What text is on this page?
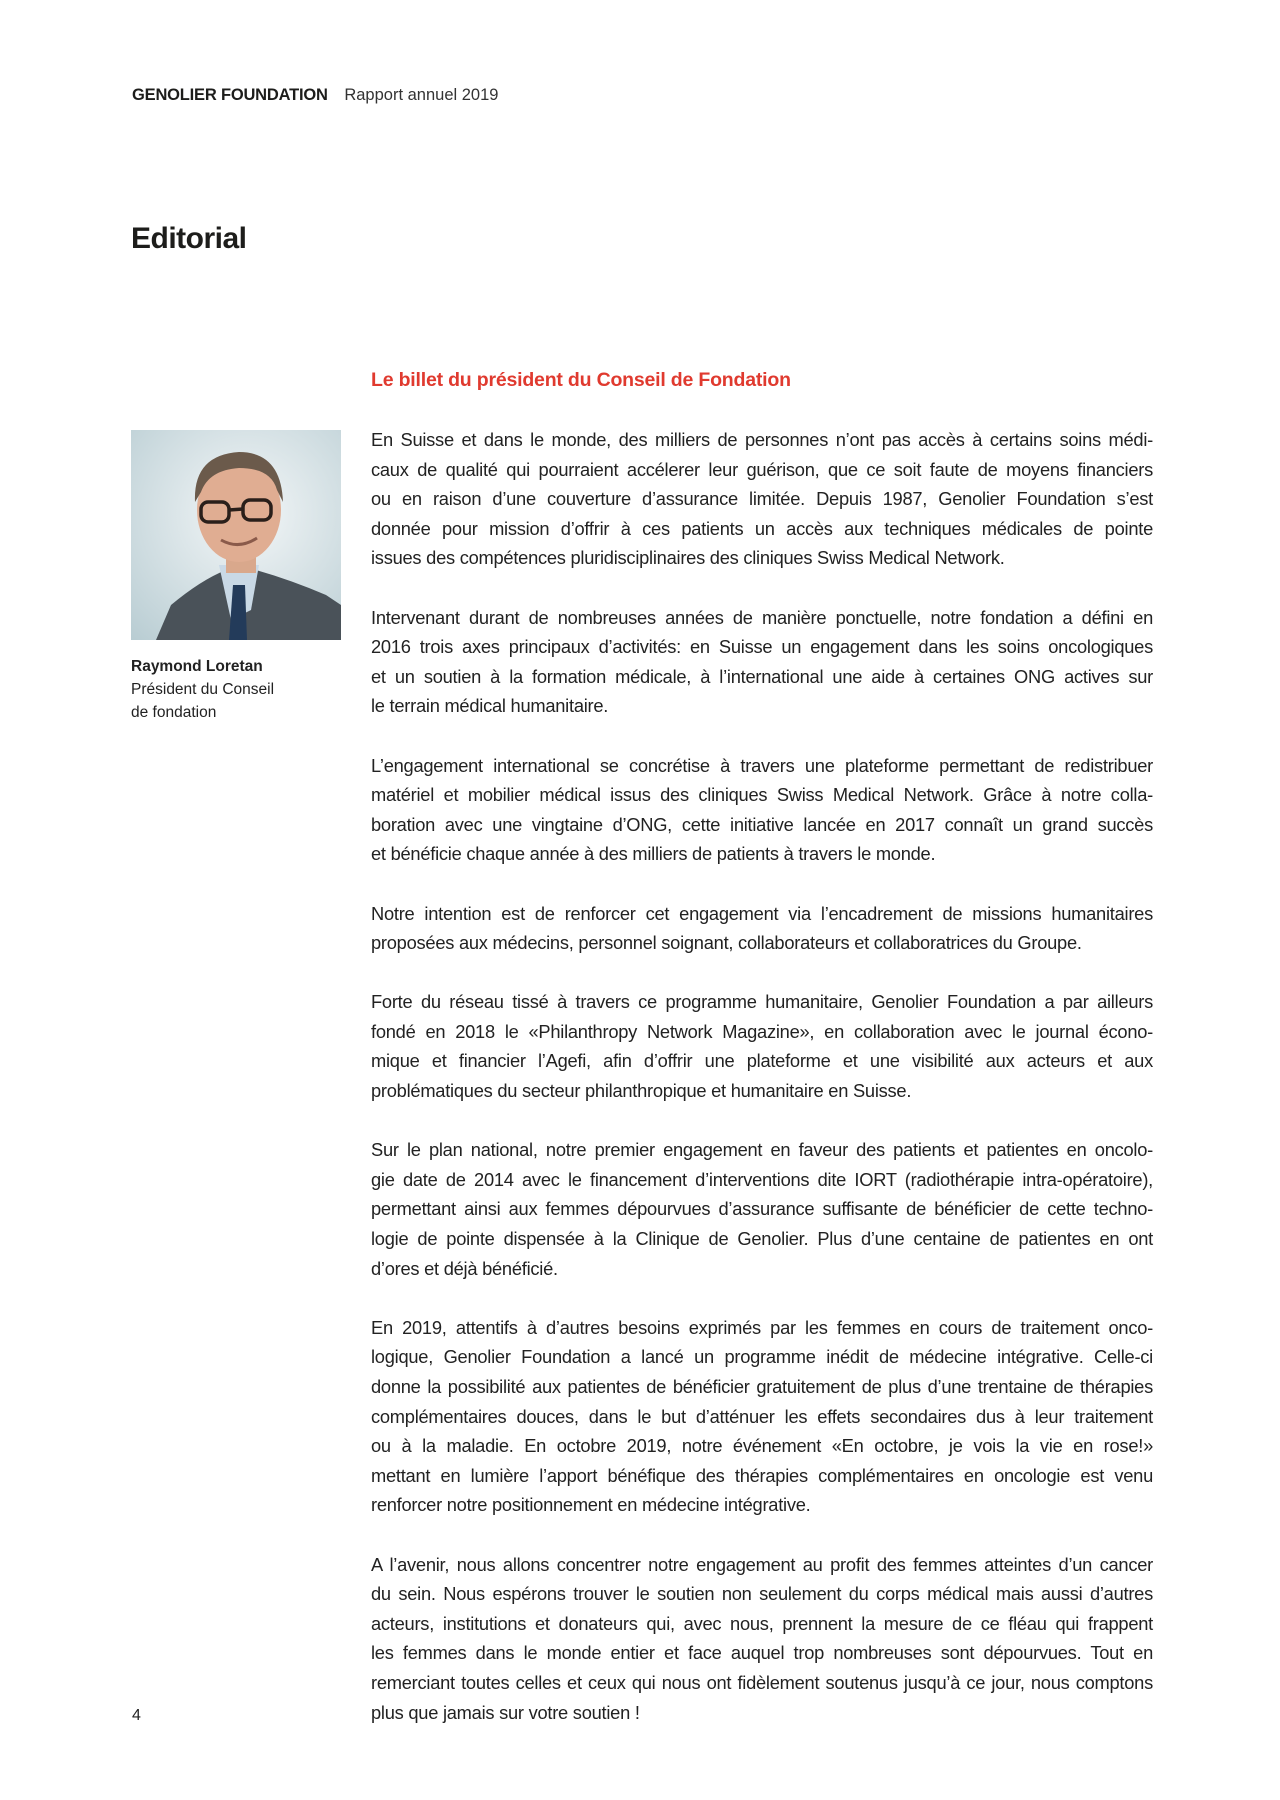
GENOLIER FOUNDATION Rapport annuel 2019
Editorial
Le billet du président du Conseil de Fondation
Raymond Loretan
Président du Conseil
de fondation

En Suisse et dans le monde, des milliers de personnes n’ont pas accès à certains soins médi-
caux de qualité qui pourraient accélerer leur guérison, que ce soit faute de moyens financiers
ou en raison d’une couverture d’assurance limitée. Depuis 1987, Genolier Foundation s’est
donnée pour mission d’offrir à ces patients un accès aux techniques médicales de pointe
issues des compétences pluridisciplinaires des cliniques Swiss Medical Network.

Intervenant durant de nombreuses années de manière ponctuelle, notre fondation a défini en
2016 trois axes principaux d’activités: en Suisse un engagement dans les soins oncologiques
et un soutien à la formation médicale, à l’international une aide à certaines ONG actives sur
le terrain médical humanitaire.

L’engagement international se concrétise à travers une plateforme permettant de redistribuer
matériel et mobilier médical issus des cliniques Swiss Medical Network. Grâce à notre colla-
boration avec une vingtaine d’ONG, cette initiative lancée en 2017 connaît un grand succès
et bénéficie chaque année à des milliers de patients à travers le monde.

Notre intention est de renforcer cet engagement via l’encadrement de missions humanitaires
proposées aux médecins, personnel soignant, collaborateurs et collaboratrices du Groupe.

Forte du réseau tissé à travers ce programme humanitaire, Genolier Foundation a par ailleurs
fondé en 2018 le «Philanthropy Network Magazine», en collaboration avec le journal écono-
mique et financier l’Agefi, afin d’offrir une plateforme et une visibilité aux acteurs et aux
problématiques du secteur philanthropique et humanitaire en Suisse.

Sur le plan national, notre premier engagement en faveur des patients et patientes en oncolo-
gie date de 2014 avec le financement d’interventions dite IORT (radiothérapie intra-opératoire),
permettant ainsi aux femmes dépourvues d’assurance suffisante de bénéficier de cette techno-
logie de pointe dispensée à la Clinique de Genolier. Plus d’une centaine de patientes en ont
d’ores et déjà bénéficié.

En 2019, attentifs à d’autres besoins exprimés par les femmes en cours de traitement onco-
logique, Genolier Foundation a lancé un programme inédit de médecine intégrative. Celle-ci
donne la possibilité aux patientes de bénéficier gratuitement de plus d’une trentaine de thérapies
complémentaires douces, dans le but d’atténuer les effets secondaires dus à leur traitement
ou à la maladie. En octobre 2019, notre événement «En octobre, je vois la vie en rose!»
mettant en lumière l’apport bénéfique des thérapies complémentaires en oncologie est venu
renforcer notre positionnement en médecine intégrative.

A l’avenir, nous allons concentrer notre engagement au profit des femmes atteintes d’un cancer
du sein. Nous espérons trouver le soutien non seulement du corps médical mais aussi d’autres
acteurs, institutions et donateurs qui, avec nous, prennent la mesure de ce fléau qui frappent
les femmes dans le monde entier et face auquel trop nombreuses sont dépourvues. Tout en
remerciant toutes celles et ceux qui nous ont fidèlement soutenus jusqu’à ce jour, nous comptons
plus que jamais sur votre soutien !

4
